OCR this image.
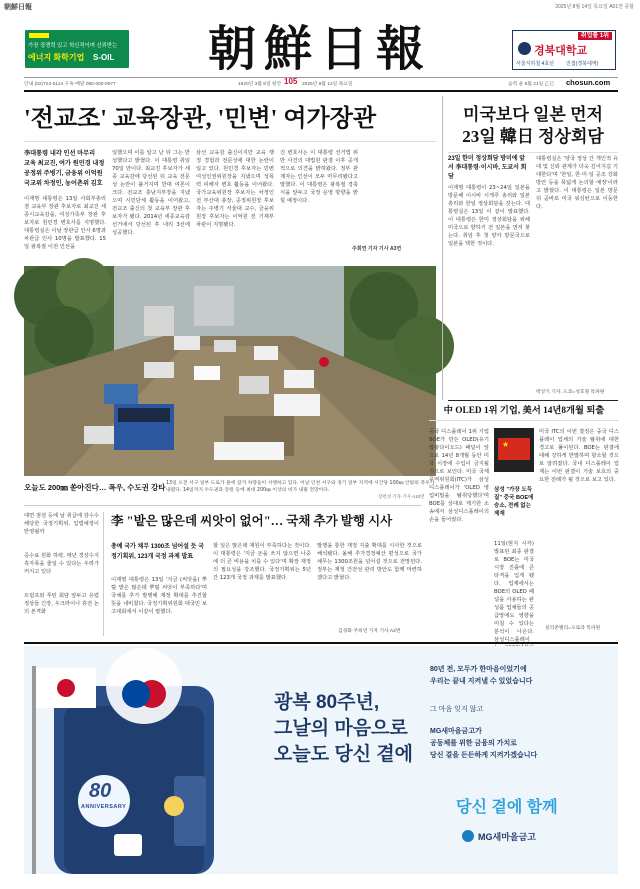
朝鮮日報	2025년 8월 14일 목요일 A01면 종합
가장 경쟁력 있고 혁신적이며 신뢰받는
에너지 화학기업 S-OIL	朝鮮日報	취업률 1위
경북대학교
서울지하철 4호선 진접(경북대역)
안내 (02)724-5114 구독·배달 080-000-0077	1920년 3월 5일 창간 105 2025년 8월 14일 목요일	음력 윤 6월 21일 乙巳 chosun.com
'전교조' 교육장관, '민변' 여가장관
李대통령 내각 인선 마무리
교육 최교진, 여가 원민경 내정
공정위 주병기, 금융위 이억원
국교위 차정인, 농어촌위 김호
이재명 대통령은 13일 사회부총리 겸 교육부 장관 후보자로 최교진 세종시교육감을, 여성가족부 장관 후보자로 원민경 변호사를 지명했다. 대통령실은 이날 장관급 인사 6명과 차관급 인사 10명을 발표했다. 15일 광복절 이전 인선을
일했으며 이를 알고 난 뒤 그는 반성했다고 밝혔다. 이 대통령 취임 70일 만이다. 최교진 후보자가 세종 교육감에 당선된 뒤 교육 전문성 논란이 불거지며 반대 여론이 크다. 전교조 충남지부장을 지냈으며 시민단체 활동을 이어왔고, 전교조 출신의 첫 교육부 장관 후보자가 됐다. 2014년 세종교육감 선거에서 당선된 후 내리 3선에 성공했다.
삼선 교육감 출신이지만 교육 행정 경험과 전문성에 대한 논란이 일고 있다. 원민경 후보자는 민변 여성인권위원장을 지냈으며 성폭력 피해자 변호 활동을 이어왔다. 국가교육위원장 후보자는 차정인 전 부산대 총장, 공정위원장 후보자는 주병기 서울대 교수, 금융위원장 후보자는 이억원 전 기재부 차관이 지명됐다.
진 변호사는 이 대통령 선거법 위반 사건의 대법원 판결 이후 공개적으로 의견을 밝혀왔다. 정부 관계자는 인선이 모두 마무리됐다고 말했다. 이 대통령은 광복절 경축식을 앞두고 국정 운영 방향을 밝힐 예정이다.
주희연 기자 기사 A3면
오늘도 200㎜ 쏟아진다… 폭우, 수도권 강타 13일 오전 서구 일부 도로가 물에 잠겨 차량들이 서행하고 있다. 이날 인천 서구와 경기 일부 지역에 시간당 100㎜ 안팎의 폭우가 내렸다. 14일까지 수도권과 강원 등에 최대 200㎜ 이상의 비가 내릴 전망이다.
장련성 기자 기사 A10면
미국보다 일본 먼저
23일 韓日 정상회담
23일 한미 정상회담 방미에 앞서 李대통령·이시바, 도쿄서 회담
이재명 대통령이 23~24일 일본을 방문해 이시바 시게루 총리와 일본 총리와 한일 정상회담을 갖는다. 대통령실은 13일 이 같이 발표했다. 이 대통령은 한미 정상회담을 위해 미국으로 향하기 전 일본을 먼저 찾는다. 취임 후 첫 양자 방문국으로 일본을 택한 것이다.
대통령실은 '양국 정상 간 개인적 유대 및 신뢰 관계가 더욱 깊어지길 기대한다'며 '한일, 한·미·일 공조 강화 방안 등을 폭넓게 논의할 예정'이라고 밝혔다. 이 대통령은 일본 방문 뒤 곧바로 미국 워싱턴으로 이동한다.
박상기 기자, 도쿄=성호철 특파원
中 OLED 1위 기업, 美서 14년8개월 퇴출
중국 디스플레이 1위 기업 BOE가 만든 OLED(유기발광다이오드) 패널이 앞으로 14년 8개월 동안 미국 시장에 수입이 금지될 것으로 보인다. 미국 국제무역위원회(ITC)가 삼성디스플레이가 'OLED 영업비밀을 탈취당했다'며 BOE를 상대로 제기한 소송에서 삼성디스플레이의 손을 들어줬다.
★
삼성 "가장 도둑질" 중국 BOE에 승소, 전례 없는 제재
11일(현지 시각) 발표된 최종 판결로 BOE는 미국 시장 진출에 큰 타격을 입게 됐다. 업계에서는 BOE의 OLED 패널을 사용하는 완성품 업체들의 공급망에도 영향을 미칠 수 있다는 분석이 나온다. 삼성디스플레이
미국 ITC의 이번 결정은 중국 디스플레이 업체의 기술 탈취에 대한 경고로 풀이된다. BOE는 판결에 대해 강하게 반발하며 항소할 것으로 알려졌다. 국내 디스플레이 업계는 이번 판결이 기술 보호의 중요한 전례가 될 것으로 보고 있다.
실리콘밸리=오로라 특파원
대면 점검 등에 날 취급에 감수수해당한 국정기획위, 입법예정이 반영될까
증수료 원화 하락, 매년 경상수지 흑자폭을 줄일 수 있다는 우려가 커지고 있다
트럼프와 푸틴 회담 앞두고 유럽 정상들 긴장, 우크라이나 휴전 논의 본격화
李 "밭은 많은데 씨앗이 없어"… 국채 추가 발행 시사
총예 국가 채무 1300조 넘어설 듯 국정기획위, 123개 국정 과제 발표
이재명 대통령은 13일 '지금 (씨앗을) 뿌릴 밭은 많은데 뿌릴 씨앗이 부족하다'며 국채를 추가 발행해 재정 확대를 추진할 뜻을 내비쳤다. 국정기획위원회 대국민 보고대회에서 이같이 말했다.
할 일은 많은데 재원이 부족하다는 것이다. 이 대통령은 '지금 돈을 쓰지 않으면 나중에 더 큰 비용을 치를 수 있다'며 확장 재정의 필요성을 강조했다. 국정기획위는 5년간 123개 국정 과제를 발표했다.
발행을 통한 재정 지출 확대를 시사한 것으로 해석됐다. 올해 추가경정예산 편성으로 국가 채무는 1300조원을 넘어설 것으로 전망된다. 정부는 재정 건전성 관리 방안도 함께 마련하겠다고 밝혔다.
김경화·주희연 기자 기사 A2면
80
ANNIVERSARY
광복 80주년,
그날의 마음으로
오늘도 당신 곁에
80년 전, 모두가 한마음이었기에
우리는 끝내 지켜낼 수 있었습니다
그 마음 잊지 않고
MG새마을금고가
공동체를 위한 금융의 가치로
당신 곁을 든든하게 지켜가겠습니다
당신 곁에 함께
MG새마을금고
